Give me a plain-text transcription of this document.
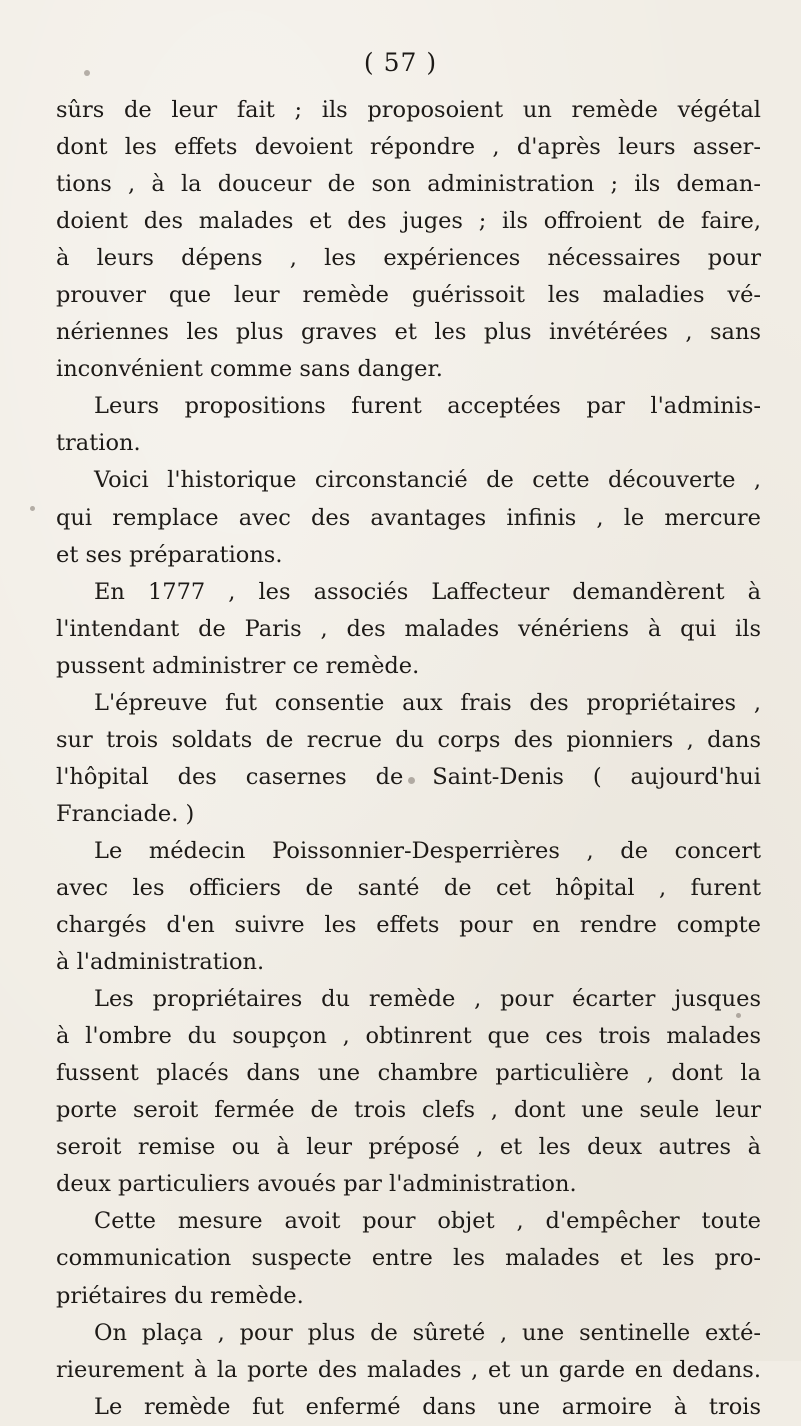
( 57 )
sûrs de leur fait ; ils proposoient un remède végétal
dont les effets devoient répondre , d'après leurs asser-
tions , à la douceur de son administration ; ils deman-
doient des malades et des juges ; ils offroient de faire,
à leurs dépens , les expériences nécessaires pour
prouver que leur remède guérissoit les maladies vé-
nériennes les plus graves et les plus invétérées , sans
inconvénient comme sans danger.
Leurs propositions furent acceptées par l'adminis-
tration.
Voici l'historique circonstancié de cette découverte ,
qui remplace avec des avantages infinis , le mercure
et ses préparations.
En 1777 , les associés Laffecteur demandèrent à
l'intendant de Paris , des malades vénériens à qui ils
pussent administrer ce remède.
L'épreuve fut consentie aux frais des propriétaires ,
sur trois soldats de recrue du corps des pionniers , dans
l'hôpital des casernes de Saint-Denis ( aujourd'hui
Franciade. )
Le médecin Poissonnier-Desperrières , de concert
avec les officiers de santé de cet hôpital , furent
chargés d'en suivre les effets pour en rendre compte
à l'administration.
Les propriétaires du remède , pour écarter jusques
à l'ombre du soupçon , obtinrent que ces trois malades
fussent placés dans une chambre particulière , dont la
porte seroit fermée de trois clefs , dont une seule leur
seroit remise ou à leur préposé , et les deux autres à
deux particuliers avoués par l'administration.
Cette mesure avoit pour objet , d'empêcher toute
communication suspecte entre les malades et les pro-
priétaires du remède.
On plaça , pour plus de sûreté , une sentinelle exté-
rieurement à la porte des malades , et un garde en dedans.
Le remède fut enfermé dans une armoire à trois
